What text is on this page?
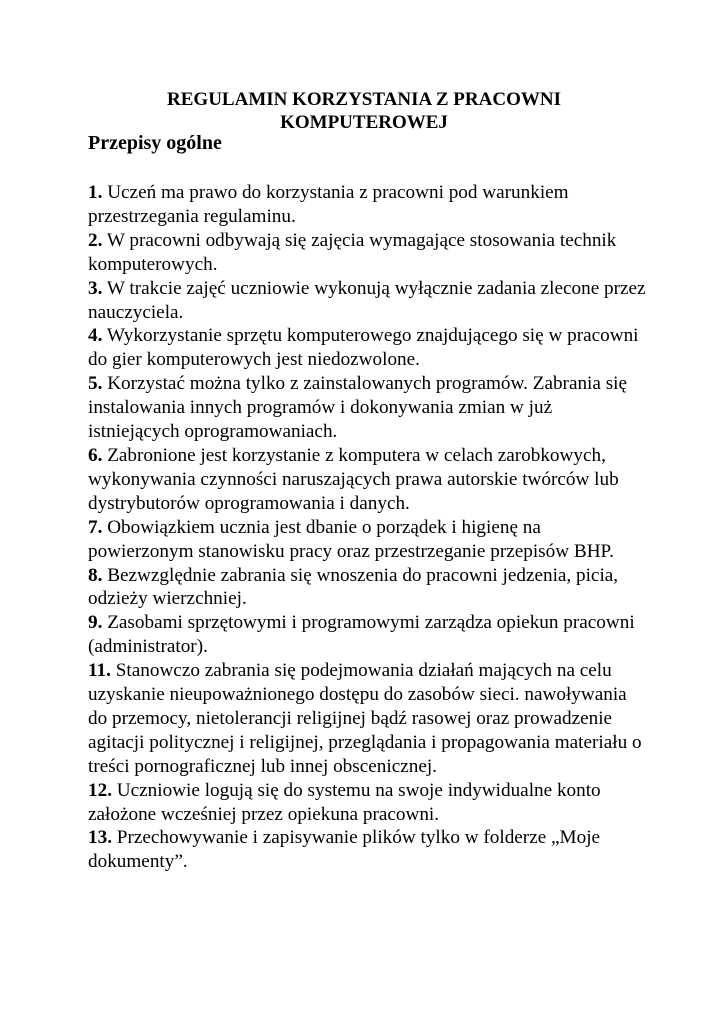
REGULAMIN KORZYSTANIA Z PRACOWNI KOMPUTEROWEJ
Przepisy ogólne
1. Uczeń ma prawo do korzystania z pracowni pod warunkiem przestrzegania regulaminu.
2. W pracowni odbywają się zajęcia wymagające stosowania technik komputerowych.
3. W trakcie zajęć uczniowie wykonują wyłącznie zadania zlecone przez nauczyciela.
4. Wykorzystanie sprzętu komputerowego znajdującego się w pracowni do gier komputerowych jest niedozwolone.
5. Korzystać można tylko z zainstalowanych programów. Zabrania się instalowania innych programów i dokonywania zmian w już istniejących oprogramowaniach.
6. Zabronione jest korzystanie z komputera w celach zarobkowych, wykonywania czynności naruszających prawa autorskie twórców lub dystrybutorów oprogramowania i danych.
7. Obowiązkiem ucznia jest dbanie o porządek i higienę na powierzonym stanowisku pracy oraz przestrzeganie przepisów BHP.
8. Bezwzględnie zabrania się wnoszenia do pracowni jedzenia, picia, odzieży wierzchniej.
9. Zasobami sprzętowymi i programowymi zarządza opiekun pracowni (administrator).
11. Stanowczo zabrania się podejmowania działań mających na celu uzyskanie nieupoważnionego dostępu do zasobów sieci. nawoływania do przemocy, nietolerancji religijnej bądź rasowej oraz prowadzenie agitacji politycznej i religijnej, przeglądania i propagowania materiału o treści pornograficznej lub innej obscenicznej.
12. Uczniowie logują się do systemu na swoje indywidualne konto założone wcześniej przez opiekuna pracowni.
13. Przechowywanie i zapisywanie plików tylko w folderze „Moje dokumenty”.
